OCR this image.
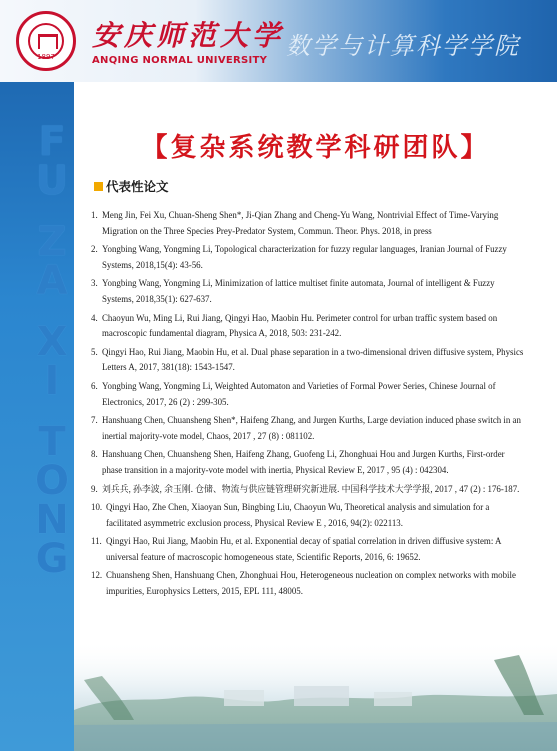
1897
安庆师范大学
ANQING NORMAL UNIVERSITY
数学与计算科学学院
F
U
Z
A
X
I
T
O
N
G
【复杂系统教学科研团队】
代表性论文
1. Meng Jin, Fei Xu, Chuan-Sheng Shen*, Ji-Qian Zhang and Cheng-Yu Wang, Nontrivial Effect of Time-Varying Migration on the Three Species Prey-Predator System, Commun. Theor. Phys. 2018, in press
2. Yongbing Wang, Yongming Li, Topological characterization for fuzzy regular languages, Iranian Journal of Fuzzy Systems, 2018,15(4): 43-56.
3. Yongbing Wang, Yongming Li, Minimization of lattice multiset finite automata, Journal of intelligent & Fuzzy Systems, 2018,35(1): 627-637.
4. Chaoyun Wu, Ming Li, Rui Jiang, Qingyi Hao, Maobin Hu. Perimeter control for urban traffic system based on macroscopic fundamental diagram, Physica A, 2018, 503: 231-242.
5. Qingyi Hao, Rui Jiang, Maobin Hu, et al. Dual phase separation in a two-dimensional driven diffusive system, Physics Letters A, 2017, 381(18): 1543-1547.
6. Yongbing Wang, Yongming Li, Weighted Automaton and Varieties of Formal Power Series, Chinese Journal of Electronics, 2017, 26 (2) : 299-305.
7. Hanshuang Chen, Chuansheng Shen*, Haifeng Zhang, and Jurgen Kurths, Large deviation induced phase switch in an inertial majority-vote model, Chaos, 2017 , 27 (8) : 081102.
8. Hanshuang Chen, Chuansheng Shen, Haifeng Zhang, Guofeng Li, Zhonghuai Hou and Jurgen Kurths, First-order phase transition in a majority-vote model with inertia, Physical Review E, 2017 , 95 (4) : 042304.
9. 刘兵兵, 孙李波, 余玉刚. 仓储、物流与供应链管理研究新进展. 中国科学技术大学学报, 2017 , 47 (2) : 176-187.
10. Qingyi Hao, Zhe Chen, Xiaoyan Sun, Bingbing Liu, Chaoyun Wu, Theoretical analysis and simulation for a facilitated asymmetric exclusion process, Physical Review E , 2016, 94(2): 022113.
11. Qingyi Hao, Rui Jiang, Maobin Hu, et al. Exponential decay of spatial correlation in driven diffusive system: A universal feature of macroscopic homogeneous state, Scientific Reports, 2016, 6: 19652.
12. Chuansheng Shen, Hanshuang Chen, Zhonghuai Hou, Heterogeneous nucleation on complex networks with mobile impurities, Europhysics Letters, 2015, EPL 111, 48005.
